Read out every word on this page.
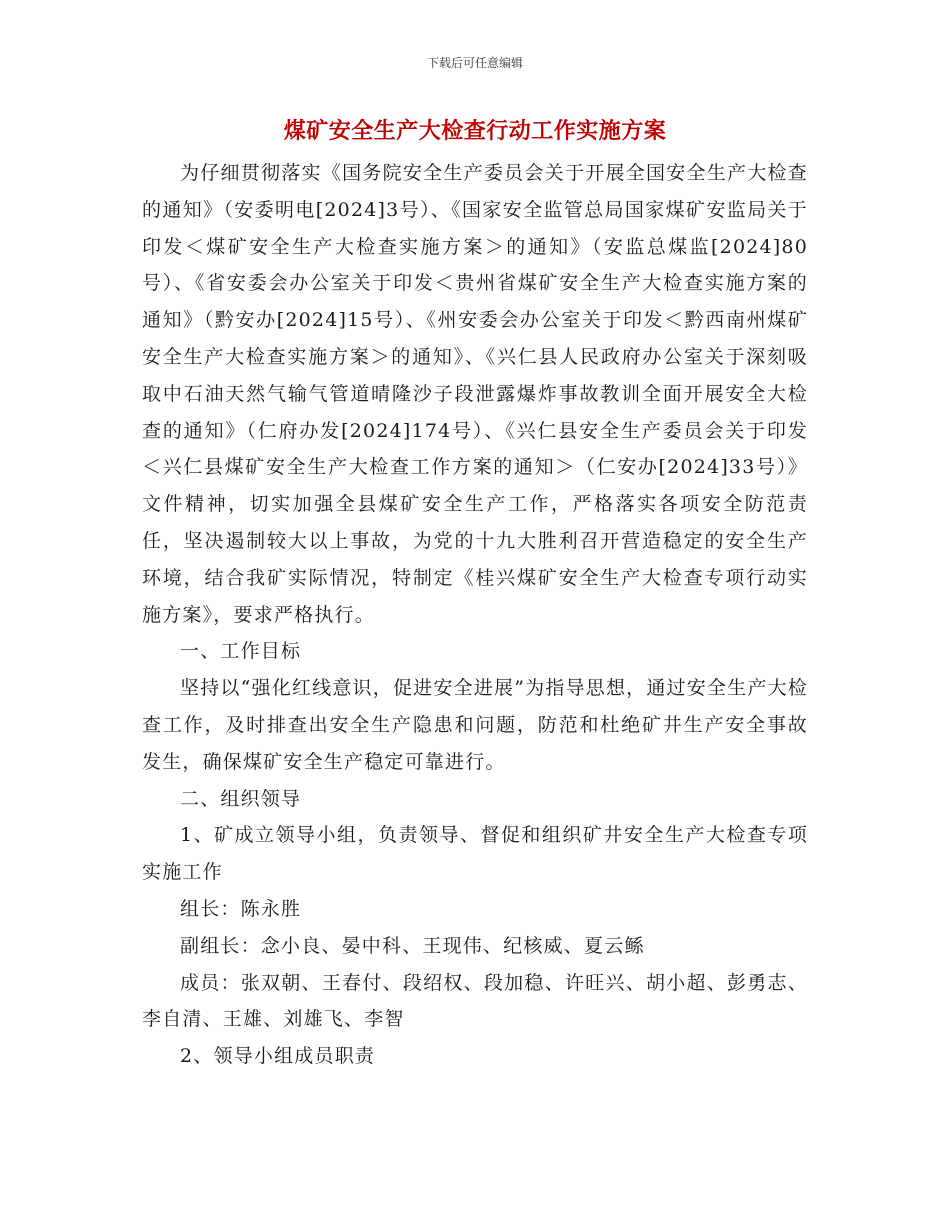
下载后可任意编辑
煤矿安全生产大检查行动工作实施方案

为仔细贯彻落实《国务院安全生产委员会关于开展全国安全生产大检查的通知》（安委明电[2024]3号）、《国家安全监管总局国家煤矿安监局关于印发＜煤矿安全生产大检查实施方案＞的通知》（安监总煤监[2024]80号）、《省安委会办公室关于印发＜贵州省煤矿安全生产大检查实施方案的通知》（黔安办[2024]15号）、《州安委会办公室关于印发＜黔西南州煤矿安全生产大检查实施方案＞的通知》、《兴仁县人民政府办公室关于深刻吸取中石油天然气输气管道晴隆沙子段泄露爆炸事故教训全面开展安全大检查的通知》（仁府办发[2024]174号）、《兴仁县安全生产委员会关于印发＜兴仁县煤矿安全生产大检查工作方案的通知＞（仁安办[2024]33号）》文件精神，切实加强全县煤矿安全生产工作，严格落实各项安全防范责任，坚决遏制较大以上事故，为党的十九大胜利召开营造稳定的安全生产环境，结合我矿实际情况，特制定《桂兴煤矿安全生产大检查专项行动实施方案》，要求严格执行。

一、工作目标

坚持以“强化红线意识，促进安全进展”为指导思想，通过安全生产大检查工作，及时排查出安全生产隐患和问题，防范和杜绝矿井生产安全事故发生，确保煤矿安全生产稳定可靠进行。

二、组织领导

1、矿成立领导小组，负责领导、督促和组织矿井安全生产大检查专项实施工作

组长：陈永胜

副组长：念小良、晏中科、王现伟、纪核威、夏云鲧

成员：张双朝、王春付、段绍权、段加稳、许旺兴、胡小超、彭勇志、李自清、王雄、刘雄飞、李智

2、领导小组成员职责
